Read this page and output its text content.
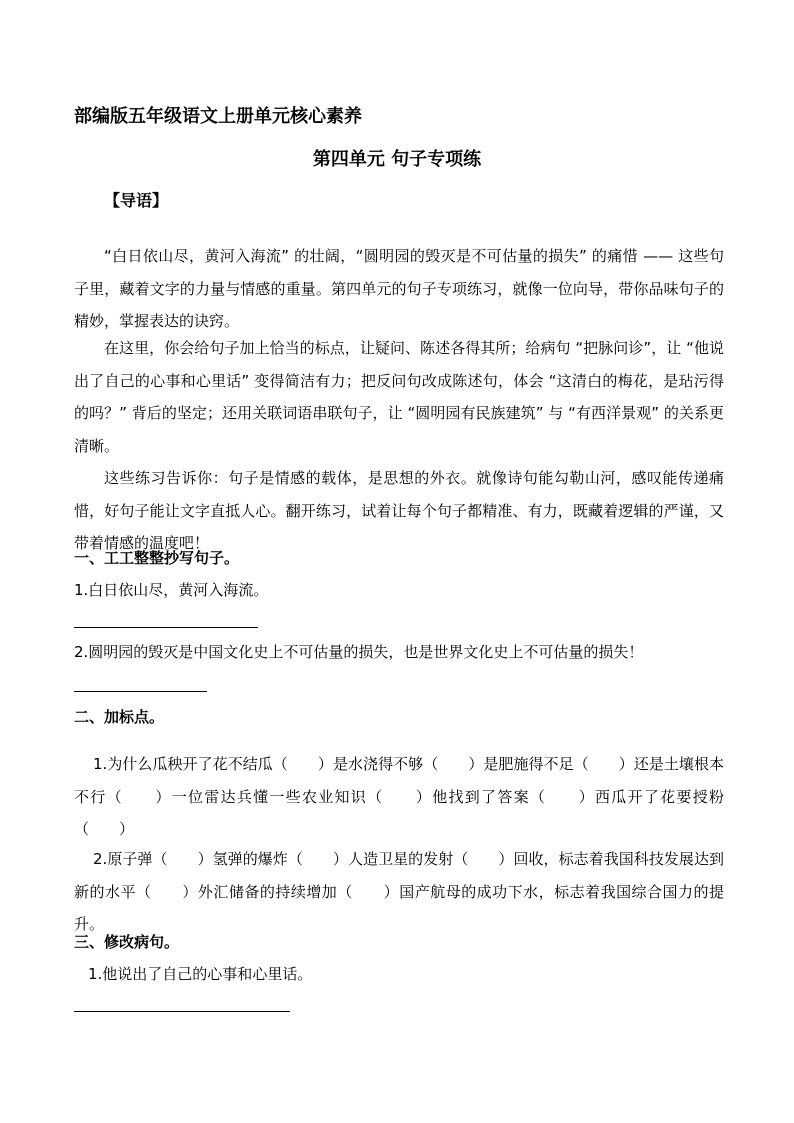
部编版五年级语文上册单元核心素养
第四单元 句子专项练
【导语】

“白日依山尽，黄河入海流” 的壮阔，“圆明园的毁灭是不可估量的损失” 的痛惜 —— 这些句子里，藏着文字的力量与情感的重量。第四单元的句子专项练习，就像一位向导，带你品味句子的精妙，掌握表达的诀窍。

在这里，你会给句子加上恰当的标点，让疑问、陈述各得其所；给病句 “把脉问诊”，让 “他说出了自己的心事和心里话” 变得简洁有力；把反问句改成陈述句，体会 “这清白的梅花，是玷污得的吗？” 背后的坚定；还用关联词语串联句子，让 “圆明园有民族建筑” 与 “有西洋景观” 的关系更清晰。

这些练习告诉你：句子是情感的载体，是思想的外衣。就像诗句能勾勒山河，感叹能传递痛惜，好句子能让文字直抵人心。翻开练习，试着让每个句子都精准、有力，既藏着逻辑的严谨，又带着情感的温度吧！

一、工工整整抄写句子。
1.白日依山尽，黄河入海流。
2.圆明园的毁灭是中国文化史上不可估量的损失，也是世界文化史上不可估量的损失！
二、加标点。

1.为什么瓜秧开了花不结瓜（　　）是水浇得不够（　　）是肥施得不足（　　）还是土壤根本不行（　　）一位雷达兵懂一些农业知识（　　）他找到了答案（　　）西瓜开了花要授粉（　　）

2.原子弹（　　）氢弹的爆炸（　　）人造卫星的发射（　　）回收，标志着我国科技发展达到新的水平（　　）外汇储备的持续增加（　　）国产航母的成功下水，标志着我国综合国力的提升。

三、修改病句。
1.他说出了自己的心事和心里话。
